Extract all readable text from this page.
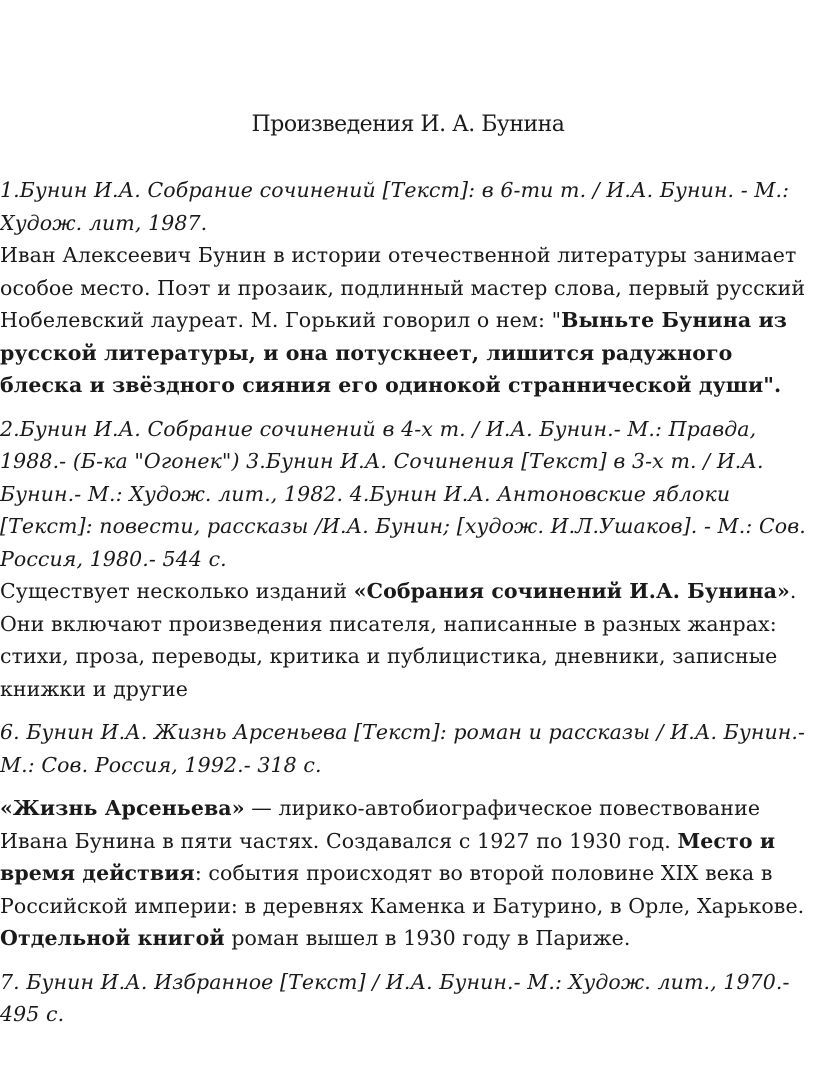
Произведения И. А. Бунина

1.Бунин И.А. Собрание сочинений [Текст]: в 6-ти т. / И.А. Бунин. - М.: Худож. лит, 1987.

Иван Алексеевич Бунин в истории отечественной литературы занимает особое место. Поэт и прозаик, подлинный мастер слова, первый русский Нобелевский лауреат. М. Горький говорил о нем: "Выньте Бунина из русской литературы, и она потускнеет, лишится радужного блеска и звёздного сияния его одинокой страннической души".

2.Бунин И.А. Собрание сочинений в 4-х т. / И.А. Бунин.- М.: Правда, 1988.- (Б-ка "Огонек") 3.Бунин И.А. Сочинения [Текст] в 3-х т. / И.А. Бунин.- М.: Худож. лит., 1982. 4.Бунин И.А. Антоновские яблоки [Текст]: повести, рассказы /И.А. Бунин; [худож. И.Л.Ушаков]. - М.: Сов. Россия, 1980.- 544 с.

Существует несколько изданий «Собрания сочинений И.А. Бунина». Они включают произведения писателя, написанные в разных жанрах: стихи, проза, переводы, критика и публицистика, дневники, записные книжки и другие

6. Бунин И.А. Жизнь Арсеньева [Текст]: роман и рассказы / И.А. Бунин.- М.: Сов. Россия, 1992.- 318 с.

«Жизнь Арсеньева» — лирико-автобиографическое повествование Ивана Бунина в пяти частях. Создавался с 1927 по 1930 год. Место и время действия: события происходят во второй половине XIX века в Российской империи: в деревнях Каменка и Батурино, в Орле, Харькове. Отдельной книгой роман вышел в 1930 году в Париже.

7. Бунин И.А. Избранное [Текст] / И.А. Бунин.- М.: Худож. лит., 1970.- 495 с.
